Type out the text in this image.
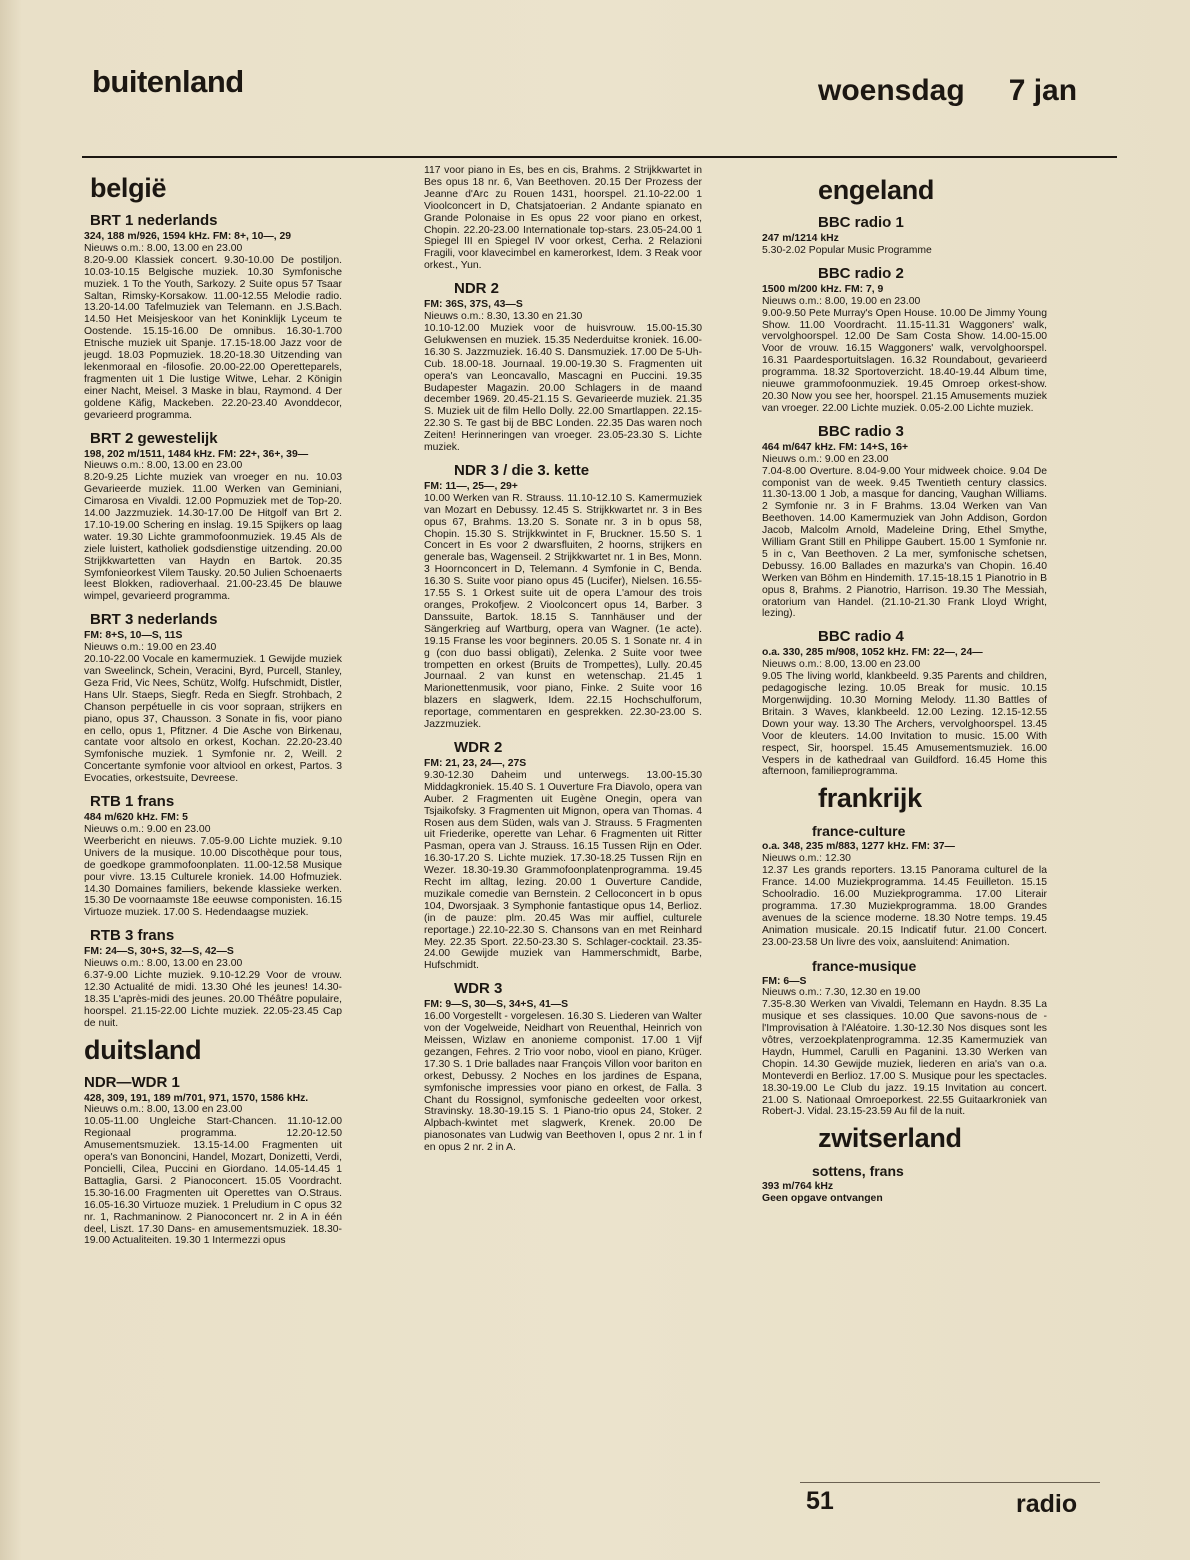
buitenland	woensdag 7 jan
belgië
BRT 1 nederlands
324, 188 m/926, 1594 kHz. FM: 8+, 10—, 29
Nieuws o.m.: 8.00, 13.00 en 23.00
8.20-9.00 Klassiek concert. 9.30-10.00 De postiljon. 10.03-10.15 Belgische muziek. 10.30 Symfonische muziek. 1 To the Youth, Sarkozy. 2 Suite opus 57 Tsaar Saltan, Rimsky-Korsakow. 11.00-12.55 Melodie radio. 13.20-14.00 Tafelmuziek van Telemann. en J.S.Bach. 14.50 Het Meisjeskoor van het Koninklijk Lyceum te Oostende. 15.15-16.00 De omnibus. 16.30-1.700 Etnische muziek uit Spanje. 17.15-18.00 Jazz voor de jeugd. 18.03 Popmuziek. 18.20-18.30 Uitzending van lekenmoraal en -filosofie. 20.00-22.00 Operetteparels, fragmenten uit 1 Die lustige Witwe, Lehar. 2 Königin einer Nacht, Meisel. 3 Maske in blau, Raymond. 4 Der goldene Käfig, Mackeben. 22.20-23.40 Avonddecor, gevarieerd programma.
BRT 2 gewestelijk
198, 202 m/1511, 1484 kHz. FM: 22+, 36+, 39—
Nieuws o.m.: 8.00, 13.00 en 23.00
8.20-9.25 Lichte muziek van vroeger en nu. 10.03 Gevarieerde muziek. 11.00 Werken van Geminiani, Cimarosa en Vivaldi. 12.00 Popmuziek met de Top-20. 14.00 Jazzmuziek. 14.30-17.00 De Hitgolf van Brt 2. 17.10-19.00 Schering en inslag. 19.15 Spijkers op laag water. 19.30 Lichte grammofoonmuziek. 19.45 Als de ziele luistert, katholiek godsdienstige uitzending. 20.00 Strijkkwartetten van Haydn en Bartok. 20.35 Symfonieorkest Vilem Tausky. 20.50 Julien Schoenaerts leest Blokken, radioverhaal. 21.00-23.45 De blauwe wimpel, gevarieerd programma.
BRT 3 nederlands
FM: 8+S, 10—S, 11S
Nieuws o.m.: 19.00 en 23.40
20.10-22.00 Vocale en kamermuziek. 1 Gewijde muziek van Sweelinck, Schein, Veracini, Byrd, Purcell, Stanley, Geza Frid, Vic Nees, Schütz, Wolfg. Hufschmidt, Distler, Hans Ulr. Staeps, Siegfr. Reda en Siegfr. Strohbach, 2 Chanson perpétuelle in cis voor sopraan, strijkers en piano, opus 37, Chausson. 3 Sonate in fis, voor piano en cello, opus 1, Pfitzner. 4 Die Asche von Birkenau, cantate voor altsolo en orkest, Kochan. 22.20-23.40 Symfonische muziek. 1 Symfonie nr. 2, Weill. 2 Concertante symfonie voor altviool en orkest, Partos. 3 Evocaties, orkestsuite, Devreese.
RTB 1 frans
484 m/620 kHz. FM: 5
Nieuws o.m.: 9.00 en 23.00
Weerbericht en nieuws. 7.05-9.00 Lichte muziek. 9.10 Univers de la musique. 10.00 Discothèque pour tous, de goedkope grammofoonplaten. 11.00-12.58 Musique pour vivre. 13.15 Culturele kroniek. 14.00 Hofmuziek. 14.30 Domaines familiers, bekende klassieke werken. 15.30 De voornaamste 18e eeuwse componisten. 16.15 Virtuoze muziek. 17.00 S. Hedendaagse muziek.
RTB 3 frans
FM: 24—S, 30+S, 32—S, 42—S
Nieuws o.m.: 8.00, 13.00 en 23.00
6.37-9.00 Lichte muziek. 9.10-12.29 Voor de vrouw. 12.30 Actualité de midi. 13.30 Ohé les jeunes! 14.30-18.35 L'après-midi des jeunes. 20.00 Théâtre populaire, hoorspel. 21.15-22.00 Lichte muziek. 22.05-23.45 Cap de nuit.
duitsland
NDR—WDR 1
428, 309, 191, 189 m/701, 971, 1570, 1586 kHz.
Nieuws o.m.: 8.00, 13.00 en 23.00
10.05-11.00 Ungleiche Start-Chancen. 11.10-12.00 Regionaal programma. 12.20-12.50 Amusementsmuziek. 13.15-14.00 Fragmenten uit opera's van Bononcini, Handel, Mozart, Donizetti, Verdi, Poncielli, Cilea, Puccini en Giordano. 14.05-14.45 1 Battaglia, Garsi. 2 Pianoconcert. 15.05 Voordracht. 15.30-16.00 Fragmenten uit Operettes van O.Straus. 16.05-16.30 Virtuoze muziek. 1 Preludium in C opus 32 nr. 1, Rachmaninow. 2 Pianoconcert nr. 2 in A in één deel, Liszt. 17.30 Dans- en amusementsmuziek. 18.30-19.00 Actualiteiten. 19.30 1 Intermezzi opus
117 voor piano in Es, bes en cis, Brahms. 2 Strijkkwartet in Bes opus 18 nr. 6, Van Beethoven. 20.15 Der Prozess der Jeanne d'Arc zu Rouen 1431, hoorspel. 21.10-22.00 1 Vioolconcert in D, Chatsjatoerian. 2 Andante spianato en Grande Polonaise in Es opus 22 voor piano en orkest, Chopin. 22.20-23.00 Internationale top-stars. 23.05-24.00 1 Spiegel III en Spiegel IV voor orkest, Cerha. 2 Relazioni Fragili, voor klavecimbel en kamerorkest, Idem. 3 Reak voor orkest., Yun.
NDR 2
FM: 36S, 37S, 43—S
Nieuws o.m.: 8.30, 13.30 en 21.30
10.10-12.00 Muziek voor de huisvrouw. 15.00-15.30 Gelukwensen en muziek. 15.35 Nederduitse kroniek. 16.00-16.30 S. Jazzmuziek. 16.40 S. Dansmuziek. 17.00 De 5-Uh-Cub. 18.00-18. Journaal. 19.00-19.30 S. Fragmenten uit opera's van Leoncavallo, Mascagni en Puccini. 19.35 Budapester Magazin. 20.00 Schlagers in de maand december 1969. 20.45-21.15 S. Gevarieerde muziek. 21.35 S. Muziek uit de film Hello Dolly. 22.00 Smartlappen. 22.15-22.30 S. Te gast bij de BBC Londen. 22.35 Das waren noch Zeiten! Herinneringen van vroeger. 23.05-23.30 S. Lichte muziek.
NDR 3 / die 3. kette
FM: 11—, 25—, 29+
10.00 Werken van R. Strauss. 11.10-12.10 S. Kamermuziek van Mozart en Debussy. 12.45 S. Strijkkwartet nr. 3 in Bes opus 67, Brahms. 13.20 S. Sonate nr. 3 in b opus 58, Chopin. 15.30 S. Strijkkwintet in F, Bruckner. 15.50 S. 1 Concert in Es voor 2 dwarsfluiten, 2 hoorns, strijkers en generale bas, Wagenseil. 2 Strijkkwartet nr. 1 in Bes, Monn. 3 Hoornconcert in D, Telemann. 4 Symfonie in C, Benda. 16.30 S. Suite voor piano opus 45 (Lucifer), Nielsen. 16.55-17.55 S. 1 Orkest suite uit de opera L'amour des trois oranges, Prokofjew. 2 Vioolconcert opus 14, Barber. 3 Danssuite, Bartok. 18.15 S. Tannhäuser und der Sängerkrieg auf Wartburg, opera van Wagner. (1e acte). 19.15 Franse les voor beginners. 20.05 S. 1 Sonate nr. 4 in g (con duo bassi obligati), Zelenka. 2 Suite voor twee trompetten en orkest (Bruits de Trompettes), Lully. 20.45 Journaal. 2 van kunst en wetenschap. 21.45 1 Marionettenmusik, voor piano, Finke. 2 Suite voor 16 blazers en slagwerk, Idem. 22.15 Hochschulforum, reportage, commentaren en gesprekken. 22.30-23.00 S. Jazzmuziek.
WDR 2
FM: 21, 23, 24—, 27S
9.30-12.30 Daheim und unterwegs. 13.00-15.30 Middagkroniek. 15.40 S. 1 Ouverture Fra Diavolo, opera van Auber. 2 Fragmenten uit Eugène Onegin, opera van Tsjaikofsky. 3 Fragmenten uit Mignon, opera van Thomas. 4 Rosen aus dem Süden, wals van J. Strauss. 5 Fragmenten uit Friederike, operette van Lehar. 6 Fragmenten uit Ritter Pasman, opera van J. Strauss. 16.15 Tussen Rijn en Oder. 16.30-17.20 S. Lichte muziek. 17.30-18.25 Tussen Rijn en Wezer. 18.30-19.30 Grammofoonplatenprogramma. 19.45 Recht im alltag, lezing. 20.00 1 Ouverture Candide, muzikale comedie van Bernstein. 2 Celloconcert in b opus 104, Dworsjaak. 3 Symphonie fantastique opus 14, Berlioz. (in de pauze: plm. 20.45 Was mir auffiel, culturele reportage.) 22.10-22.30 S. Chansons van en met Reinhard Mey. 22.35 Sport. 22.50-23.30 S. Schlager-cocktail. 23.35-24.00 Gewijde muziek van Hammerschmidt, Barbe, Hufschmidt.
WDR 3
FM: 9—S, 30—S, 34+S, 41—S
16.00 Vorgestellt - vorgelesen. 16.30 S. Liederen van Walter von der Vogelweide, Neidhart von Reuenthal, Heinrich von Meissen, Wizlaw en anonieme componist. 17.00 1 Vijf gezangen, Fehres. 2 Trio voor nobo, viool en piano, Krüger. 17.30 S. 1 Drie ballades naar François Villon voor bariton en orkest, Debussy. 2 Noches en los jardines de Espana, symfonische impressies voor piano en orkest, de Falla. 3 Chant du Rossignol, symfonische gedeelten voor orkest, Stravinsky. 18.30-19.15 S. 1 Piano-trio opus 24, Stoker. 2 Alpbach-kwintet met slagwerk, Krenek. 20.00 De pianosonates van Ludwig van Beethoven I, opus 2 nr. 1 in f en opus 2 nr. 2 in A.
engeland
BBC radio 1
247 m/1214 kHz
5.30-2.02 Popular Music Programme
BBC radio 2
1500 m/200 kHz. FM: 7, 9
Nieuws o.m.: 8.00, 19.00 en 23.00
9.00-9.50 Pete Murray's Open House. 10.00 De Jimmy Young Show. 11.00 Voordracht. 11.15-11.31 Waggoners' walk, vervolghoorspel. 12.00 De Sam Costa Show. 14.00-15.00 Voor de vrouw. 16.15 Waggoners' walk, vervolghoorspel. 16.31 Paardesportuitslagen. 16.32 Roundabout, gevarieerd programma. 18.32 Sportoverzicht. 18.40-19.44 Album time, nieuwe grammofoonmuziek. 19.45 Omroep orkest-show. 20.30 Now you see her, hoorspel. 21.15 Amusements muziek van vroeger. 22.00 Lichte muziek. 0.05-2.00 Lichte muziek.
BBC radio 3
464 m/647 kHz. FM: 14+S, 16+
Nieuws o.m.: 9.00 en 23.00
7.04-8.00 Overture. 8.04-9.00 Your midweek choice. 9.04 De componist van de week. 9.45 Twentieth century classics. 11.30-13.00 1 Job, a masque for dancing, Vaughan Williams. 2 Symfonie nr. 3 in F Brahms. 13.04 Werken van Van Beethoven. 14.00 Kamermuziek van John Addison, Gordon Jacob, Malcolm Arnold, Madeleine Dring, Ethel Smythe, William Grant Still en Philippe Gaubert. 15.00 1 Symfonie nr. 5 in c, Van Beethoven. 2 La mer, symfonische schetsen, Debussy. 16.00 Ballades en mazurka's van Chopin. 16.40 Werken van Böhm en Hindemith. 17.15-18.15 1 Pianotrio in B opus 8, Brahms. 2 Pianotrio, Harrison. 19.30 The Messiah, oratorium van Handel. (21.10-21.30 Frank Lloyd Wright, lezing).
BBC radio 4
o.a. 330, 285 m/908, 1052 kHz. FM: 22—, 24—
Nieuws o.m.: 8.00, 13.00 en 23.00
9.05 The living world, klankbeeld. 9.35 Parents and children, pedagogische lezing. 10.05 Break for music. 10.15 Morgenwijding. 10.30 Morning Melody. 11.30 Battles of Britain. 3 Waves, klankbeeld. 12.00 Lezing. 12.15-12.55 Down your way. 13.30 The Archers, vervolghoorspel. 13.45 Voor de kleuters. 14.00 Invitation to music. 15.00 With respect, Sir, hoorspel. 15.45 Amusementsmuziek. 16.00 Vespers in de kathedraal van Guildford. 16.45 Home this afternoon, familieprogramma.
frankrijk
france-culture
o.a. 348, 235 m/883, 1277 kHz. FM: 37—
Nieuws o.m.: 12.30
12.37 Les grands reporters. 13.15 Panorama culturel de la France. 14.00 Muziekprogramma. 14.45 Feuilleton. 15.15 Schoolradio. 16.00 Muziekprogramma. 17.00 Literair programma. 17.30 Muziekprogramma. 18.00 Grandes avenues de la science moderne. 18.30 Notre temps. 19.45 Animation musicale. 20.15 Indicatif futur. 21.00 Concert. 23.00-23.58 Un livre des voix, aansluitend: Animation.
france-musique
FM: 6—S
Nieuws o.m.: 7.30, 12.30 en 19.00
7.35-8.30 Werken van Vivaldi, Telemann en Haydn. 8.35 La musique et ses classiques. 10.00 Que savons-nous de - l'Improvisation à l'Aléatoire. 1.30-12.30 Nos disques sont les vôtres, verzoekplatenprogramma. 12.35 Kamermuziek van Haydn, Hummel, Carulli en Paganini. 13.30 Werken van Chopin. 14.30 Gewijde muziek, liederen en aria's van o.a. Monteverdi en Berlioz. 17.00 S. Musique pour les spectacles. 18.30-19.00 Le Club du jazz. 19.15 Invitation au concert. 21.00 S. Nationaal Omroeporkest. 22.55 Guitaarkroniek van Robert-J. Vidal. 23.15-23.59 Au fil de la nuit.
zwitserland
sottens, frans
393 m/764 kHz
Geen opgave ontvangen
51	radio
